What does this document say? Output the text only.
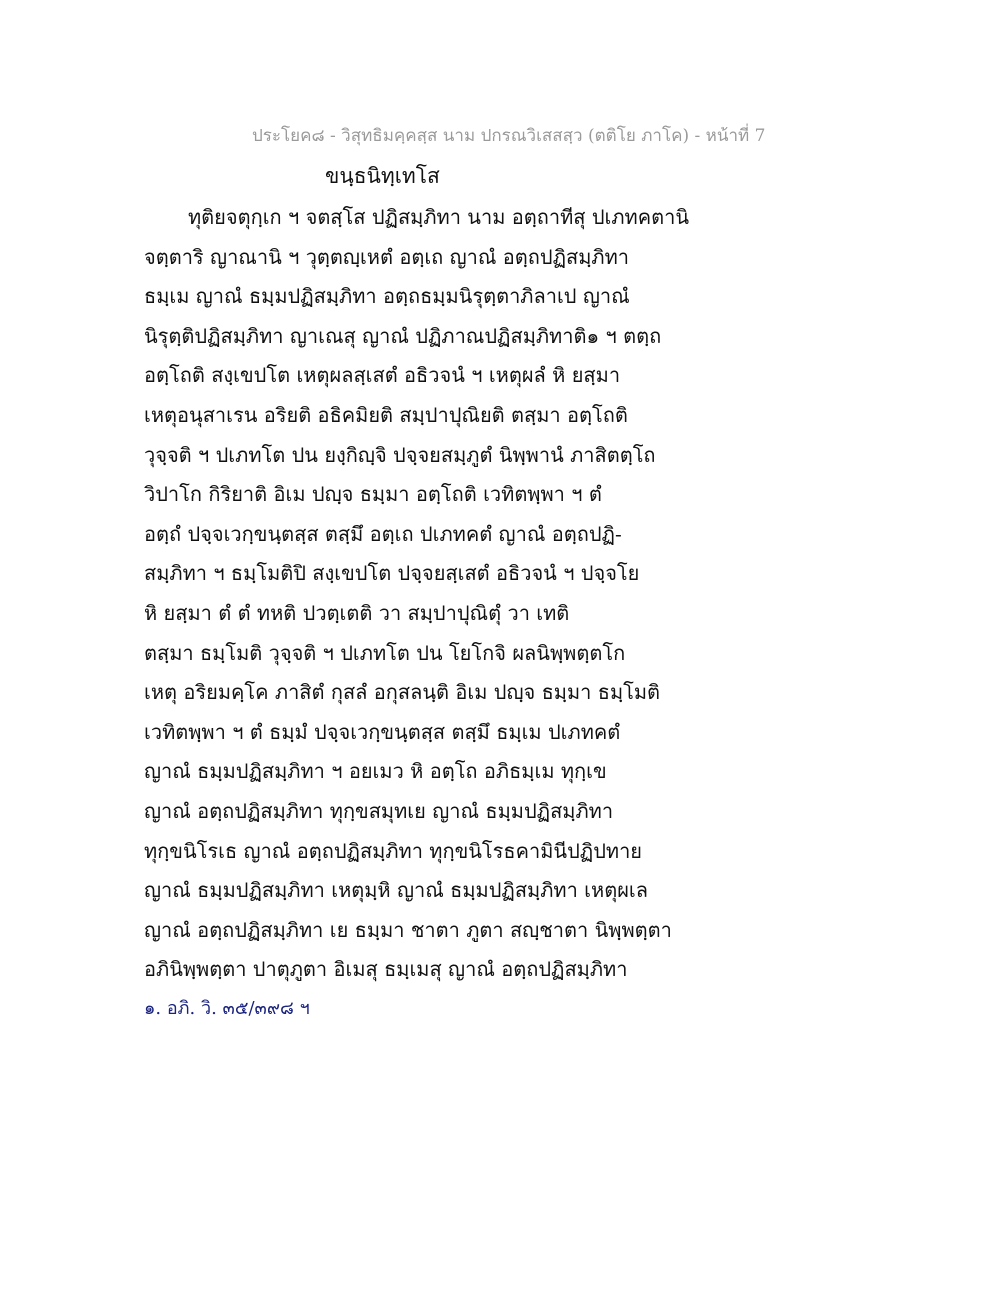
ประโยค๘ - วิสุทธิมคฺคสฺส นาม ปกรณวิเสสสฺว (ตติโย ภาโค) - หน้าที่ 7
ขนฺธนิทฺเทโส
ทุติยจตุกฺเก ฯ จตสฺโส ปฏิสมฺภิทา นาม อตฺถาทีสุ ปเภทคตานิ
จตฺตาริ ญาณานิ ฯ วุตฺตญฺเหตํ อตฺเถ ญาณํ อตฺถปฏิสมฺภิทา
ธมฺเม ญาณํ ธมฺมปฏิสมฺภิทา อตฺถธมฺมนิรุตฺตาภิลาเป ญาณํ
นิรุตฺติปฏิสมฺภิทา ญาเณสุ ญาณํ ปฏิภาณปฏิสมฺภิทาติ๑ ฯ ตตฺถ
อตฺโถติ สงฺเขปโต เหตุผลสฺเสตํ อธิวจนํ ฯ เหตุผลํ หิ ยสฺมา
เหตุอนุสาเรน อริยติ อธิคมิยติ สมฺปาปุณิยติ ตสฺมา อตฺโถติ
วุจฺจติ ฯ ปเภทโต ปน ยงฺกิญฺจิ ปจฺจยสมฺภูตํ นิพฺพานํ ภาสิตตฺโถ
วิปาโก กิริยาติ อิเม ปญฺจ ธมฺมา อตฺโถติ เวทิตพฺพา ฯ ตํ
อตฺถํ ปจฺจเวกฺขนฺตสฺส ตสฺมึ อตฺเถ ปเภทคตํ ญาณํ อตฺถปฏิ-
สมฺภิทา ฯ ธมฺโมติปิ สงฺเขปโต ปจฺจยสฺเสตํ อธิวจนํ ฯ ปจฺจโย
หิ ยสฺมา ตํ ตํ ทหติ ปวตฺเตติ วา สมฺปาปุณิตุํ วา เทติ
ตสฺมา ธมฺโมติ วุจฺจติ ฯ ปเภทโต ปน โยโกจิ ผลนิพฺพตฺตโก
เหตุ อริยมคฺโค ภาสิตํ กุสลํ อกุสลนฺติ อิเม ปญฺจ ธมฺมา ธมฺโมติ
เวทิตพฺพา ฯ ตํ ธมฺมํ ปจฺจเวกฺขนฺตสฺส ตสฺมึ ธมฺเม ปเภทคตํ
ญาณํ ธมฺมปฏิสมฺภิทา ฯ อยเมว หิ อตฺโถ อภิธมฺเม ทุกฺเข
ญาณํ อตฺถปฏิสมฺภิทา ทุกฺขสมุทเย ญาณํ ธมฺมปฏิสมฺภิทา
ทุกฺขนิโรเธ ญาณํ อตฺถปฏิสมฺภิทา ทุกฺขนิโรธคามินีปฏิปทาย
ญาณํ ธมฺมปฏิสมฺภิทา เหตุมฺหิ ญาณํ ธมฺมปฏิสมฺภิทา เหตุผเล
ญาณํ อตฺถปฏิสมฺภิทา เย ธมฺมา ชาตา ภูตา สญฺชาตา นิพฺพตฺตา
อภินิพฺพตฺตา ปาตุภูตา อิเมสุ ธมฺเมสุ ญาณํ อตฺถปฏิสมฺภิทา
๑. อภิ. วิ. ๓๕/๓๙๘ ฯ
